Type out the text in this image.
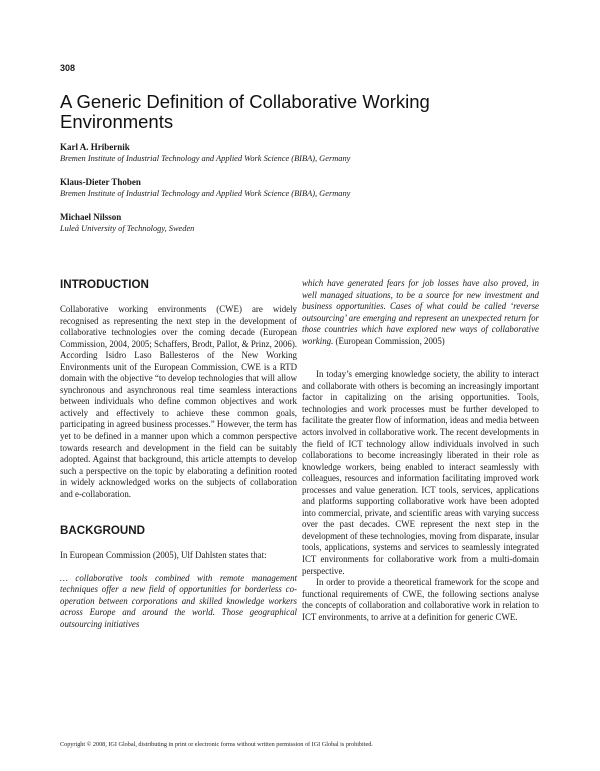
308
A Generic Definition of Collaborative Working Environments
Karl A. Hribernik
Bremen Institute of Industrial Technology and Applied Work Science (BIBA), Germany
Klaus-Dieter Thoben
Bremen Institute of Industrial Technology and Applied Work Science (BIBA), Germany
Michael Nilsson
Luleå University of Technology, Sweden
INTRODUCTION

Collaborative working environments (CWE) are widely recognised as representing the next step in the development of collaborative technologies over the coming decade (European Commission, 2004, 2005; Schaffers, Brodt, Pallot, & Prinz, 2006). According Isidro Laso Ballesteros of the New Working Environments unit of the European Commission, CWE is a RTD domain with the objective “to develop technologies that will allow synchronous and asynchronous real time seamless interactions between individuals who define common objectives and work actively and effectively to achieve these common goals, participating in agreed business processes.” However, the term has yet to be defined in a manner upon which a common perspective towards research and development in the field can be suitably adopted. Against that background, this article attempts to develop such a perspective on the topic by elaborating a definition rooted in widely acknowledged works on the subjects of collaboration and e-collaboration.

BACKGROUND

In European Commission (2005), Ulf Dahlsten states that:

… collaborative tools combined with remote management techniques offer a new field of opportunities for borderless co-operation between corporations and skilled knowledge workers across Europe and around the world. Those geographical outsourcing initiatives

which have generated fears for job losses have also proved, in well managed situations, to be a source for new investment and business opportunities. Cases of what could be called ‘reverse outsourcing’ are emerging and represent an unexpected return for those countries which have explored new ways of collaborative working. (European Commission, 2005)

In today’s emerging knowledge society, the ability to interact and collaborate with others is becoming an increasingly important factor in capitalizing on the arising opportunities. Tools, technologies and work processes must be further developed to facilitate the greater flow of information, ideas and media between actors involved in collaborative work. The recent developments in the field of ICT technology allow individuals involved in such collaborations to become increasingly liberated in their role as knowledge workers, being enabled to interact seamlessly with colleagues, resources and information facilitating improved work processes and value generation. ICT tools, services, applications and platforms supporting collaborative work have been adopted into commercial, private, and scientific areas with varying success over the past decades. CWE represent the next step in the development of these technologies, moving from disparate, insular tools, applications, systems and services to seamlessly integrated ICT environments for collaborative work from a multi-domain perspective.

In order to provide a theoretical framework for the scope and functional requirements of CWE, the following sections analyse the concepts of collaboration and collaborative work in relation to ICT environments, to arrive at a definition for generic CWE.

Copyright © 2008, IGI Global, distributing in print or electronic forms without written permission of IGI Global is prohibited.
